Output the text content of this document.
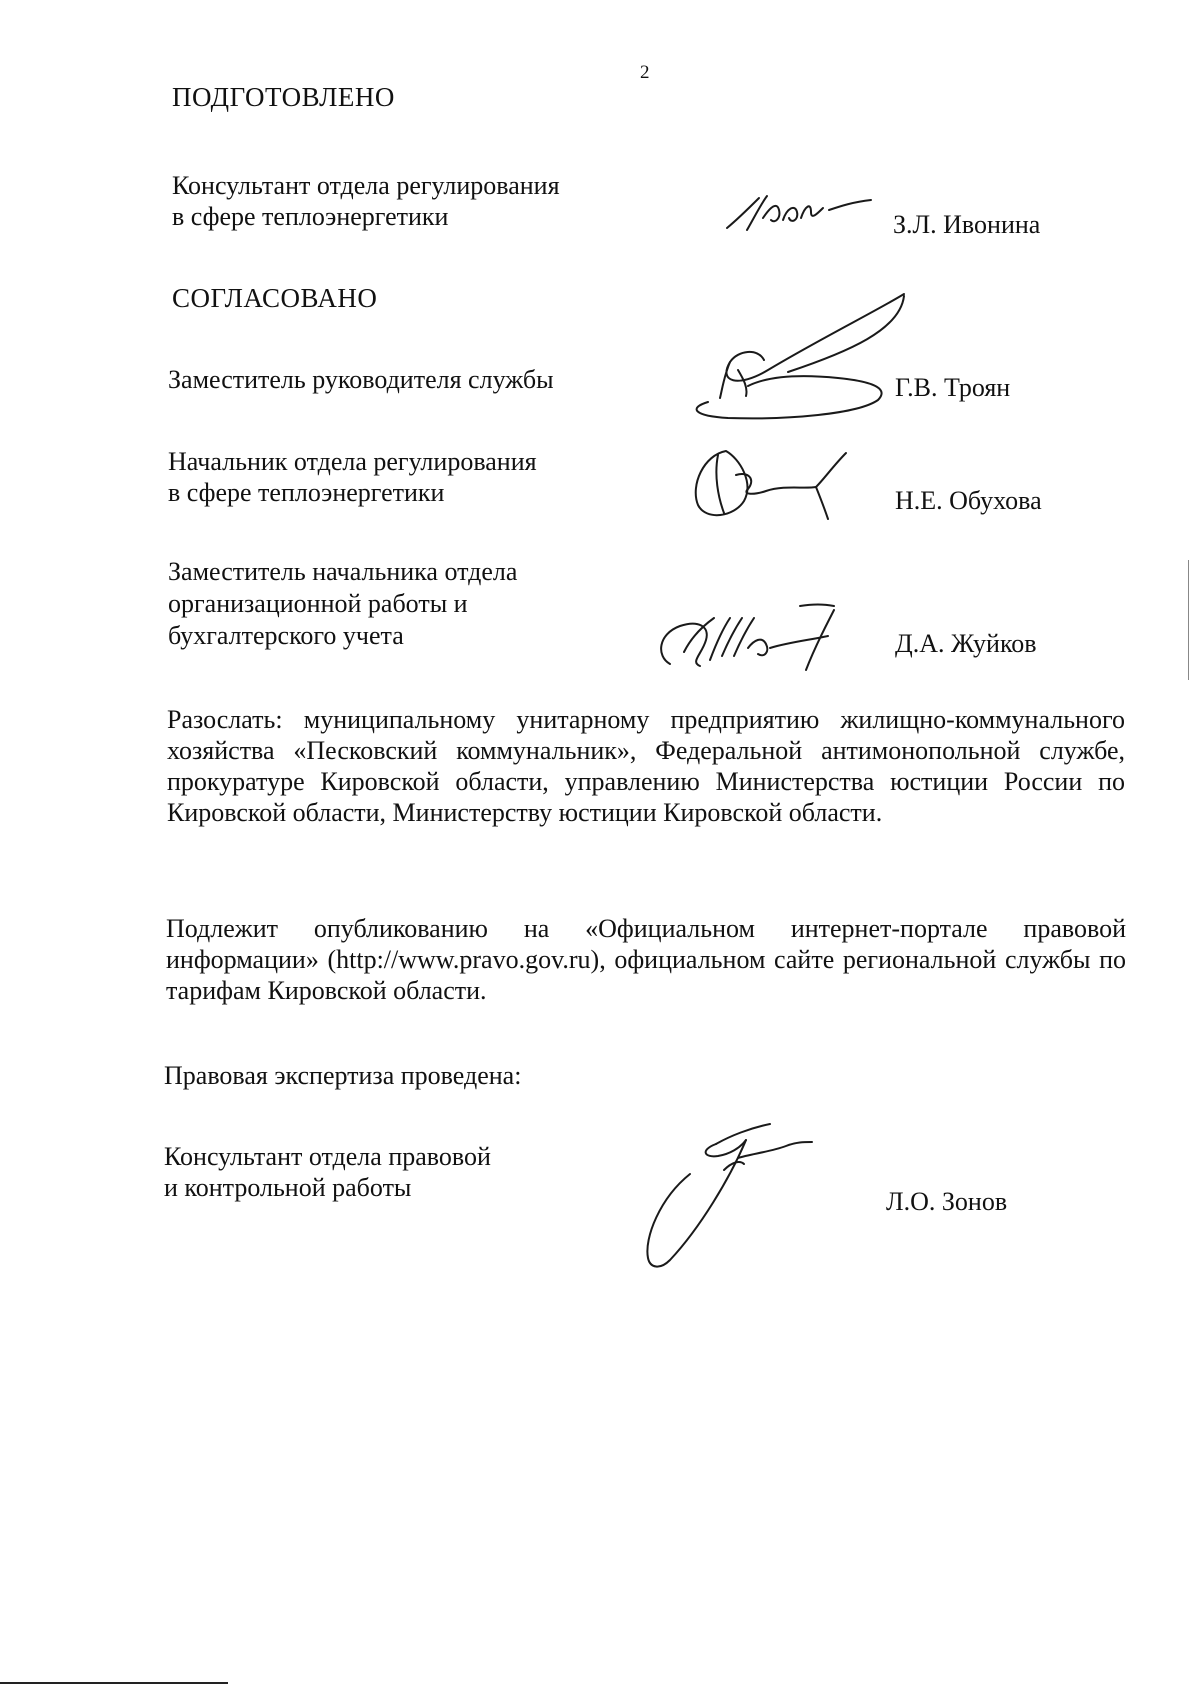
2
ПОДГОТОВЛЕНО
Консультант отдела регулирования
в сфере теплоэнергетики	З.Л. Ивонина
СОГЛАСОВАНО
Заместитель руководителя службы	Г.В. Троян
Начальник отдела регулирования
в сфере теплоэнергетики	Н.Е. Обухова
Заместитель начальника отдела
организационной работы и
бухгалтерского учета	Д.А. Жуйков
Разослать: муниципальному унитарному предприятию жилищно-коммунального хозяйства «Песковский коммунальник», Федеральной антимонопольной службе, прокуратуре Кировской области, управлению Министерства юстиции России по Кировской области, Министерству юстиции Кировской области.
Подлежит опубликованию на «Официальном интернет-портале правовой информации» (http://www.pravo.gov.ru), официальном сайте региональной службы по тарифам Кировской области.
Правовая экспертиза проведена:
Консультант отдела правовой
и контрольной работы	Л.О. Зонов
